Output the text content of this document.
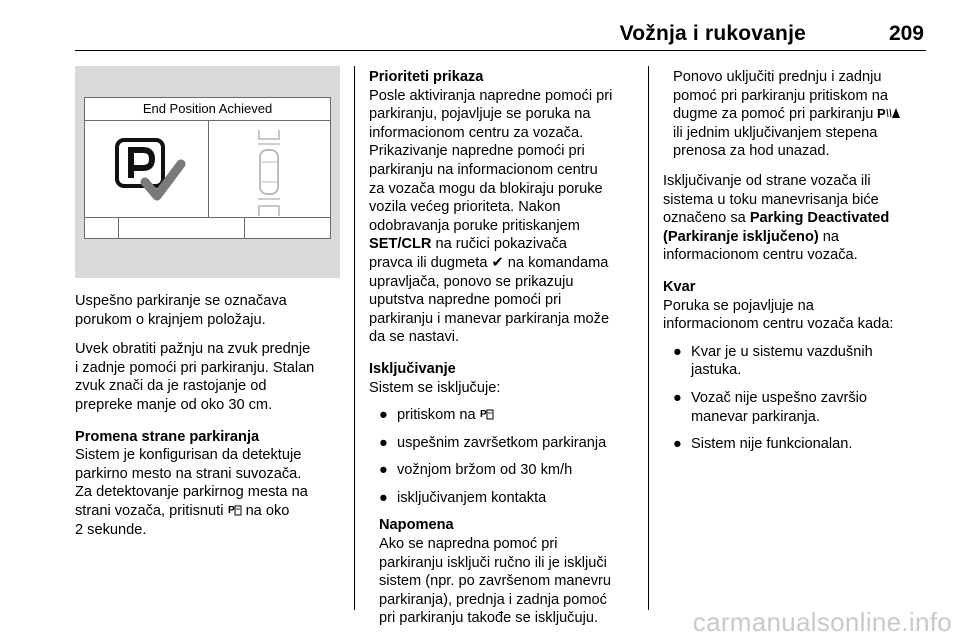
Vožnja i rukovanje	209
End Position Achieved

Uspešno parkiranje se označava

porukom o krajnjem položaju.

Uvek obratiti pažnju na zvuk prednje

i zadnje pomoći pri parkiranju. Stalan

zvuk znači da je rastojanje od

prepreke manje od oko 30 cm.

Promena strane parkiranja

Sistem je konfigurisan da detektuje

parkirno mesto na strani suvozača.

Za detektovanje parkirnog mesta na

strani vozača, pritisnuti P na oko

2 sekunde.

Prioriteti prikaza

Posle aktiviranja napredne pomoći pri

parkiranju, pojavljuje se poruka na

informacionom centru za vozača.

Prikazivanje napredne pomoći pri

parkiranju na informacionom centru

za vozača mogu da blokiraju poruke

vozila većeg prioriteta. Nakon

odobravanja poruke pritiskanjem

SET/CLR na ručici pokazivača

pravca ili dugmeta ✔ na komandama

upravljača, ponovo se prikazuju

uputstva napredne pomoći pri

parkiranju i manevar parkiranja može

da se nastavi.

Isključivanje

Sistem se isključuje:

● pritiskom na P
● uspešnim završetkom parkiranja
● vožnjom bržom od 30 km/h
● isključivanjem kontakta

Napomena

Ako se napredna pomoć pri

parkiranju isključi ručno ili je isključi

sistem (npr. po završenom manevru

parkiranja), prednja i zadnja pomoć

pri parkiranju takođe se isključuju.

Ponovo uključiti prednju i zadnju

pomoć pri parkiranju pritiskom na

dugme za pomoć pri parkiranju P

ili jednim uključivanjem stepena

prenosa za hod unazad.

Isključivanje od strane vozača ili

sistema u toku manevrisanja biće

označeno sa Parking Deactivated

(Parkiranje isključeno) na

informacionom centru vozača.

Kvar

Poruka se pojavljuje na

informacionom centru vozača kada:

● Kvar je u sistemu vazdušnih

jastuka.

● Vozač nije uspešno završio

manevar parkiranja.

● Sistem nije funkcionalan.
carmanualsonline.info
